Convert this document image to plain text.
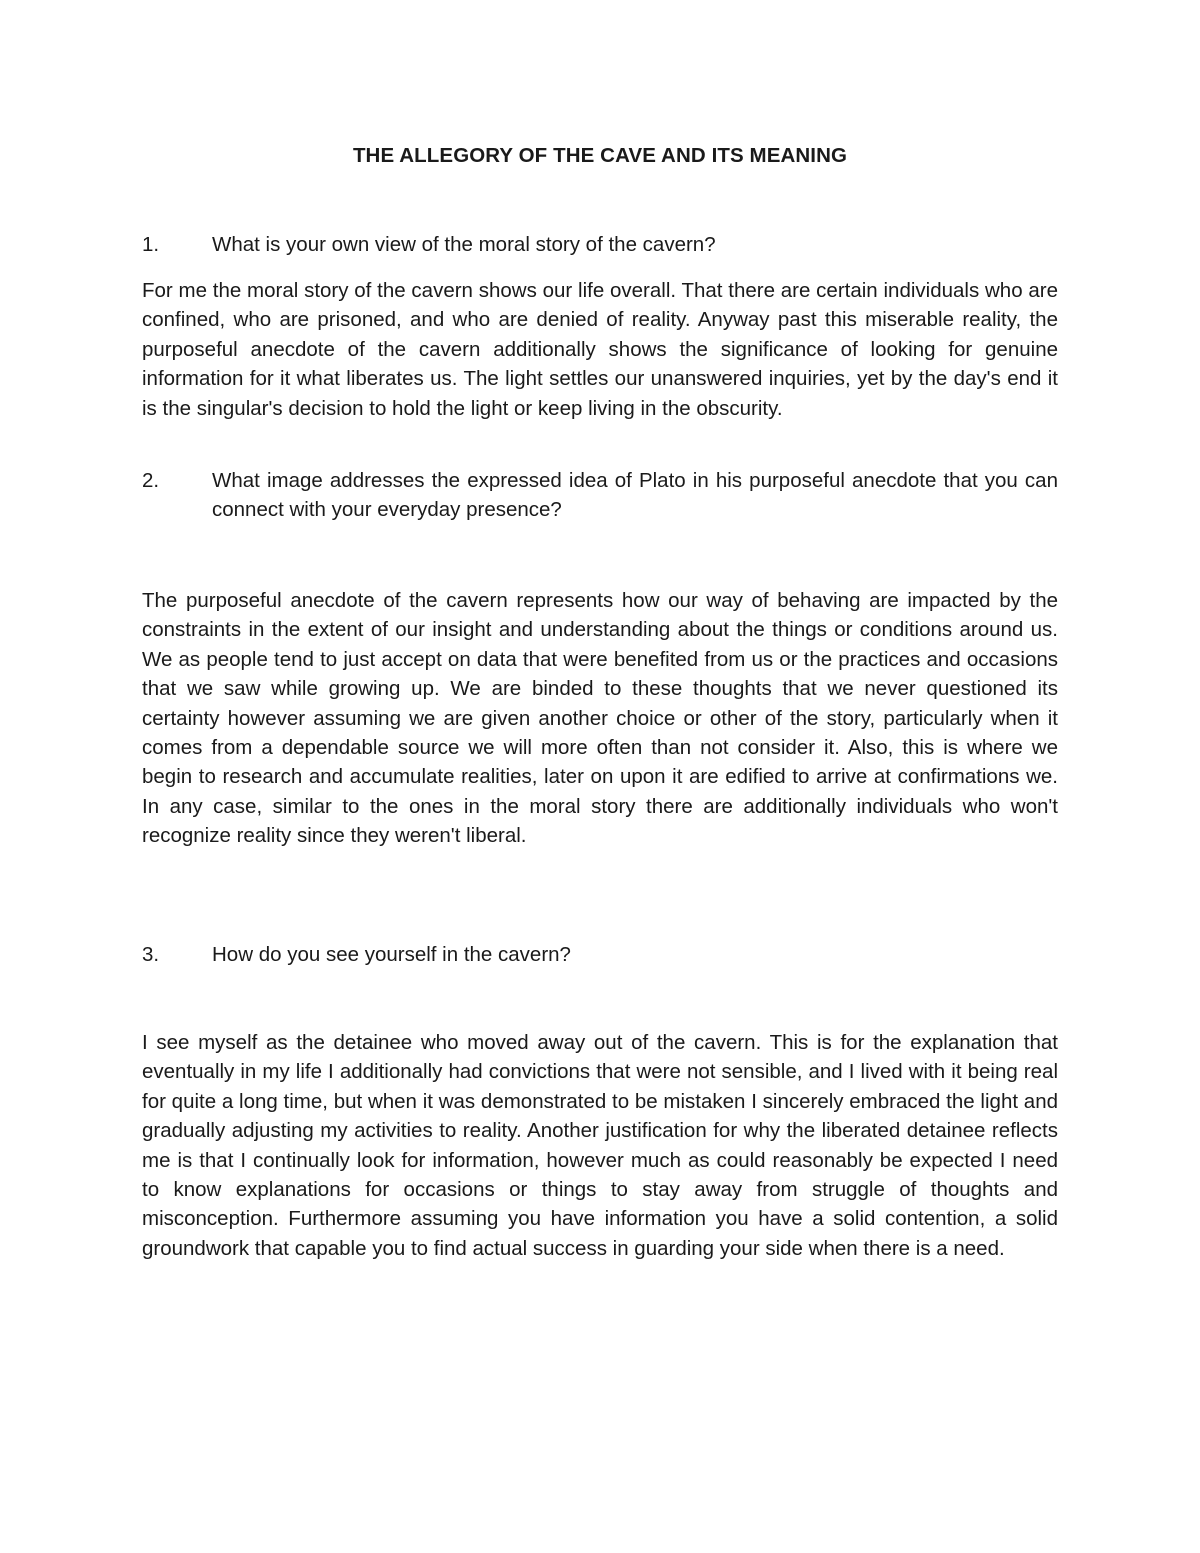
THE ALLEGORY OF THE CAVE AND ITS MEANING
1.	What is your own view of the moral story of the cavern?
For me the moral story of the cavern shows our life overall. That there are certain individuals who are confined, who are prisoned, and who are denied of reality. Anyway past this miserable reality, the purposeful anecdote of the cavern additionally shows the significance of looking for genuine information for it what liberates us. The light settles our unanswered inquiries, yet by the day's end it is the singular's decision to hold the light or keep living in the obscurity.
2.	What image addresses the expressed idea of Plato in his purposeful anecdote that you can connect with your everyday presence?
The purposeful anecdote of the cavern represents how our way of behaving are impacted by the constraints in the extent of our insight and understanding about the things or conditions around us. We as people tend to just accept on data that were benefited from us or the practices and occasions that we saw while growing up. We are binded to these thoughts that we never questioned its certainty however assuming we are given another choice or other of the story, particularly when it comes from a dependable source we will more often than not consider it. Also, this is where we begin to research and accumulate realities, later on upon it are edified to arrive at confirmations we. In any case, similar to the ones in the moral story there are additionally individuals who won't recognize reality since they weren't liberal.
3.	How do you see yourself in the cavern?
I see myself as the detainee who moved away out of the cavern. This is for the explanation that eventually in my life I additionally had convictions that were not sensible, and I lived with it being real for quite a long time, but when it was demonstrated to be mistaken I sincerely embraced the light and gradually adjusting my activities to reality. Another justification for why the liberated detainee reflects me is that I continually look for information, however much as could reasonably be expected I need to know explanations for occasions or things to stay away from struggle of thoughts and misconception. Furthermore assuming you have information you have a solid contention, a solid groundwork that capable you to find actual success in guarding your side when there is a need.
